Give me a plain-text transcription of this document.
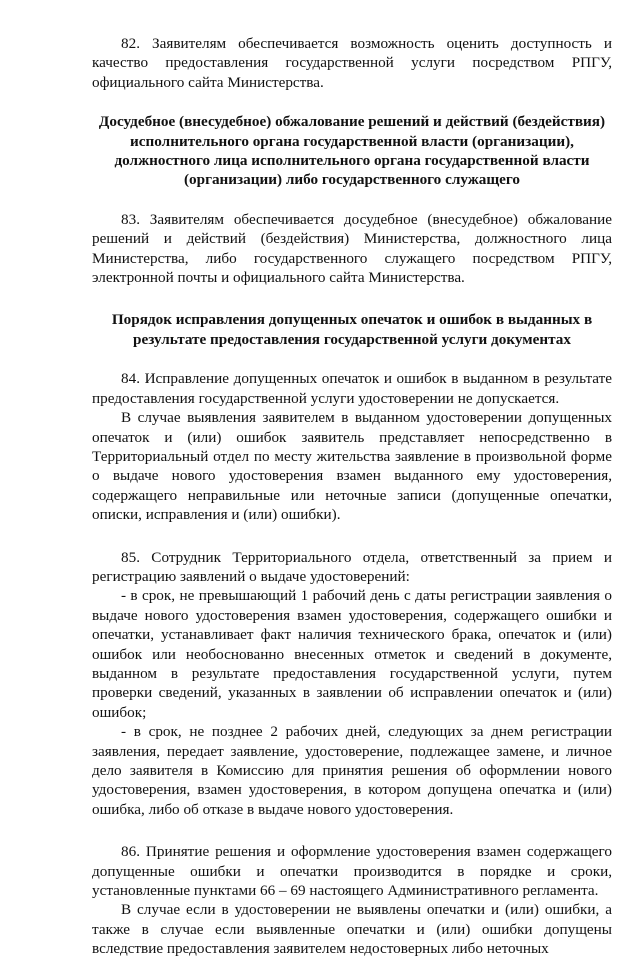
82. Заявителям обеспечивается возможность оценить доступность и качество предоставления государственной услуги посредством РПГУ, официального сайта Министерства.

Досудебное (внесудебное) обжалование решений и действий (бездействия) исполнительного органа государственной власти (организации), должностного лица исполнительного органа государственной власти (организации) либо государственного служащего

83. Заявителям обеспечивается досудебное (внесудебное) обжалование решений и действий (бездействия) Министерства, должностного лица Министерства, либо государственного служащего посредством РПГУ, электронной почты и официального сайта Министерства.

Порядок исправления допущенных опечаток и ошибок в выданных в результате предоставления государственной услуги документах

84. Исправление допущенных опечаток и ошибок в выданном в результате предоставления государственной услуги удостоверении не допускается.

В случае выявления заявителем в выданном удостоверении допущенных опечаток и (или) ошибок заявитель представляет непосредственно в Территориальный отдел по месту жительства заявление в произвольной форме о выдаче нового удостоверения взамен выданного ему удостоверения, содержащего неправильные или неточные записи (допущенные опечатки, описки, исправления и (или) ошибки).

85. Сотрудник Территориального отдела, ответственный за прием и регистрацию заявлений о выдаче удостоверений:

- в срок, не превышающий 1 рабочий день с даты регистрации заявления о выдаче нового удостоверения взамен удостоверения, содержащего ошибки и опечатки, устанавливает факт наличия технического брака, опечаток и (или) ошибок или необоснованно внесенных отметок и сведений в документе, выданном в результате предоставления государственной услуги, путем проверки сведений, указанных в заявлении об исправлении опечаток и (или) ошибок;

- в срок, не позднее 2 рабочих дней, следующих за днем регистрации заявления, передает заявление, удостоверение, подлежащее замене, и личное дело заявителя в Комиссию для принятия решения об оформлении нового удостоверения, взамен удостоверения, в котором допущена опечатка и (или) ошибка, либо об отказе в выдаче нового удостоверения.

86. Принятие решения и оформление удостоверения взамен содержащего допущенные ошибки и опечатки производится в порядке и сроки, установленные пунктами 66 – 69 настоящего Административного регламента.

В случае если в удостоверении не выявлены опечатки и (или) ошибки, а также в случае если выявленные опечатки и (или) ошибки допущены вследствие предоставления заявителем недостоверных либо неточных
